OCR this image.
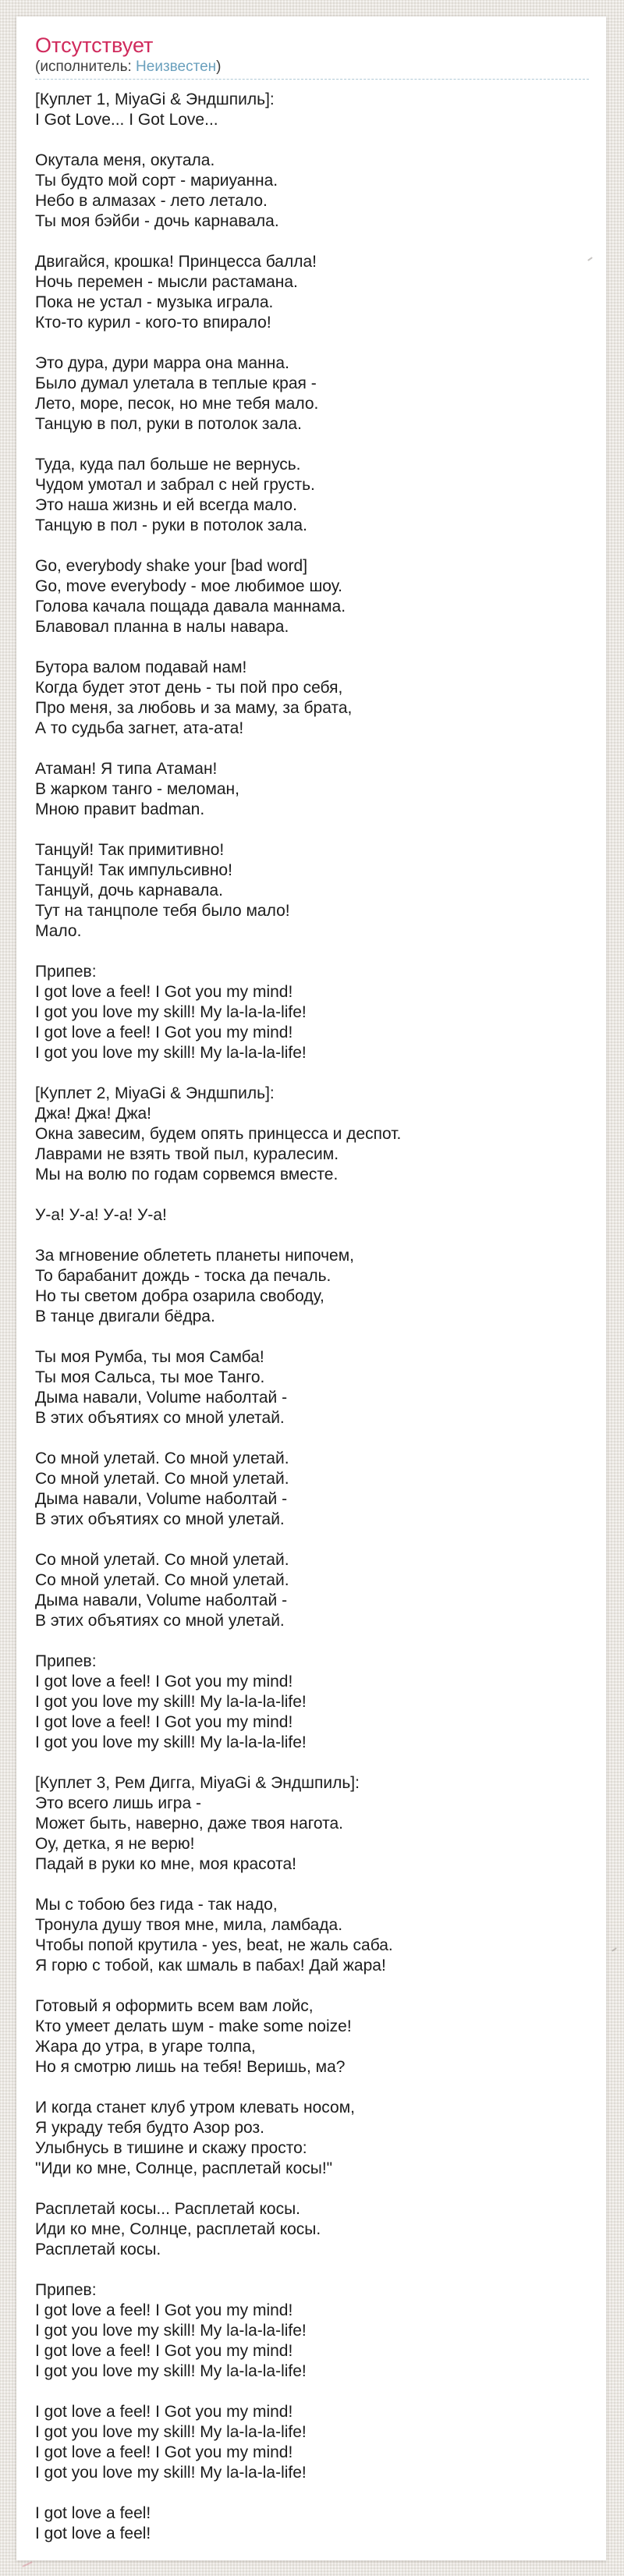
Отсутствует
(исполнитель: Неизвестен)
[Куплет 1, MiyaGi & Эндшпиль]:
I Got Love... I Got Love...
Окутала меня, окутала.
Ты будто мой сорт - мариуанна.
Небо в алмазах - лето летало.
Ты моя бэйби - дочь карнавала.
Двигайся, крошка! Принцесса балла!
Ночь перемен - мысли растамана.
Пока не устал - музыка играла.
Кто-то курил - кого-то впирало!
Это дура, дури марра она манна.
Было думал улетала в теплые края -
Лето, море, песок, но мне тебя мало.
Танцую в пол, руки в потолок зала.
Туда, куда пал больше не вернусь.
Чудом умотал и забрал с ней грусть.
Это наша жизнь и ей всегда мало.
Танцую в пол - руки в потолок зала.
Go, everybody shake your [bad word]
Go, move everybody - мое любимое шоу.
Голова качала пощада давала маннама.
Блавовал планна в налы навара.
Бутора валом подавай нам!
Когда будет этот день - ты пой про себя,
Про меня, за любовь и за маму, за брата,
А то судьба загнет, ата-ата!
Атаман! Я типа Атаман!
В жарком танго - меломан,
Мною правит badman.
Танцуй! Так примитивно!
Танцуй! Так импульсивно!
Танцуй, дочь карнавала.
Тут на танцполе тебя было мало!
Мало.
Припев:
I got love a feel! I Got you my mind!
I got you love my skill! My la-la-la-life!
I got love a feel! I Got you my mind!
I got you love my skill! My la-la-la-life!
[Куплет 2, MiyaGi & Эндшпиль]:
Джа! Джа! Джа!
Окна завесим, будем опять принцесса и деспот.
Лаврами не взять твой пыл, куралесим.
Мы на волю по годам сорвемся вместе.
У-а! У-а! У-а! У-а!
За мгновение облететь планеты нипочем,
То барабанит дождь - тоска да печаль.
Но ты светом добра озарила свободу,
В танце двигали бёдра.
Ты моя Румба, ты моя Самба!
Ты моя Сальса, ты мое Танго.
Дыма навали, Volume наболтай -
В этих объятиях со мной улетай.
Со мной улетай. Со мной улетай.
Со мной улетай. Со мной улетай.
Дыма навали, Volume наболтай -
В этих объятиях со мной улетай.
Со мной улетай. Со мной улетай.
Со мной улетай. Со мной улетай.
Дыма навали, Volume наболтай -
В этих объятиях со мной улетай.
Припев:
I got love a feel! I Got you my mind!
I got you love my skill! My la-la-la-life!
I got love a feel! I Got you my mind!
I got you love my skill! My la-la-la-life!
[Куплет 3, Рем Дигга, MiyaGi & Эндшпиль]:
Это всего лишь игра -
Может быть, наверно, даже твоя нагота.
Оу, детка, я не верю!
Падай в руки ко мне, моя красота!
Мы с тобою без гида - так надо,
Тронула душу твоя мне, мила, ламбада.
Чтобы попой крутила - yes, beat, не жаль саба.
Я горю с тобой, как шмаль в пабах! Дай жара!
Готовый я оформить всем вам лойс,
Кто умеет делать шум - make some noize!
Жара до утра, в угаре толпа,
Но я смотрю лишь на тебя! Веришь, ма?
И когда станет клуб утром клевать носом,
Я украду тебя будто Азор роз.
Улыбнусь в тишине и скажу просто:
"Иди ко мне, Солнце, расплетай косы!"
Расплетай косы... Расплетай косы.
Иди ко мне, Солнце, расплетай косы.
Расплетай косы.
Припев:
I got love a feel! I Got you my mind!
I got you love my skill! My la-la-la-life!
I got love a feel! I Got you my mind!
I got you love my skill! My la-la-la-life!
I got love a feel! I Got you my mind!
I got you love my skill! My la-la-la-life!
I got love a feel! I Got you my mind!
I got you love my skill! My la-la-la-life!
I got love a feel!
I got love a feel!
